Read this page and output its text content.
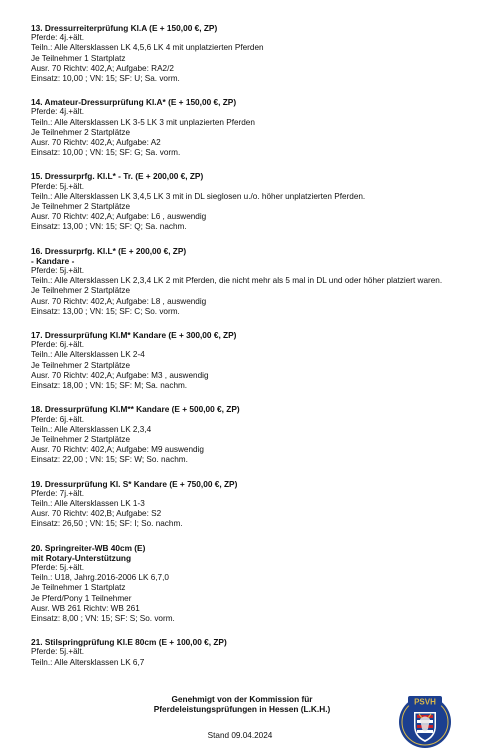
13. Dressurreiterprüfung Kl.A (E + 150,00 €, ZP)
Pferde: 4j.+ält.
Teiln.: Alle Altersklassen LK 4,5,6 LK 4 mit unplatzierten Pferden
Je Teilnehmer 1 Startplatz
Ausr. 70 Richtv: 402,A; Aufgabe: RA2/2
Einsatz: 10,00 ; VN: 15; SF: U; Sa. vorm.
14. Amateur-Dressurprüfung Kl.A* (E + 150,00 €, ZP)
Pferde: 4j.+ält.
Teiln.: Alle Altersklassen LK 3-5 LK 3 mit unplazierten Pferden
Je Teilnehmer 2 Startplätze
Ausr. 70 Richtv: 402,A; Aufgabe: A2
Einsatz: 10,00 ; VN: 15; SF: G; Sa. vorm.
15. Dressurprfg. Kl.L* - Tr. (E + 200,00 €, ZP)
Pferde: 5j.+ält.
Teiln.: Alle Altersklassen LK 3,4,5 LK 3 mit in DL sieglosen u./o. höher unplatzierten Pferden.
Je Teilnehmer 2 Startplätze
Ausr. 70 Richtv: 402,A; Aufgabe: L6 , auswendig
Einsatz: 13,00 ; VN: 15; SF: Q; Sa. nachm.
16. Dressurprfg. Kl.L* (E + 200,00 €, ZP)
- Kandare -
Pferde: 5j.+ält.
Teiln.: Alle Altersklassen LK 2,3,4 LK 2 mit Pferden, die nicht mehr als 5 mal in DL und oder höher platziert waren.
Je Teilnehmer 2 Startplätze
Ausr. 70 Richtv: 402,A; Aufgabe: L8 , auswendig
Einsatz: 13,00 ; VN: 15; SF: C; So. vorm.
17. Dressurprüfung Kl.M* Kandare (E + 300,00 €, ZP)
Pferde: 6j.+ält.
Teiln.: Alle Altersklassen LK 2-4
Je Teilnehmer 2 Startplätze
Ausr. 70 Richtv: 402,A; Aufgabe: M3 , auswendig
Einsatz: 18,00 ; VN: 15; SF: M; Sa. nachm.
18. Dressurprüfung Kl.M** Kandare (E + 500,00 €, ZP)
Pferde: 6j.+ält.
Teiln.: Alle Altersklassen LK 2,3,4
Je Teilnehmer 2 Startplätze
Ausr. 70 Richtv: 402,A; Aufgabe: M9 auswendig
Einsatz: 22,00 ; VN: 15; SF: W; So. nachm.
19. Dressurprüfung Kl. S* Kandare (E + 750,00 €, ZP)
Pferde: 7j.+ält.
Teiln.: Alle Altersklassen LK 1-3
Ausr. 70 Richtv: 402,B; Aufgabe: S2
Einsatz: 26,50 ; VN: 15; SF: I; So. nachm.
20. Springreiter-WB 40cm (E)
mit Rotary-Unterstützung
Pferde: 5j.+ält.
Teiln.: U18, Jahrg.2016-2006 LK 6,7,0
Je Teilnehmer 1 Startplatz
Je Pferd/Pony 1 Teilnehmer
Ausr. WB 261 Richtv: WB 261
Einsatz: 8,00 ; VN: 15; SF: S; So. vorm.
21. Stilspringprüfung Kl.E 80cm (E + 100,00 €, ZP)
Pferde: 5j.+ält.
Teiln.: Alle Altersklassen LK 6,7
Genehmigt von der Kommission für
Pferdeleistungsprüfungen in Hessen (L.K.H.)
Stand 09.04.2024
PSVH
